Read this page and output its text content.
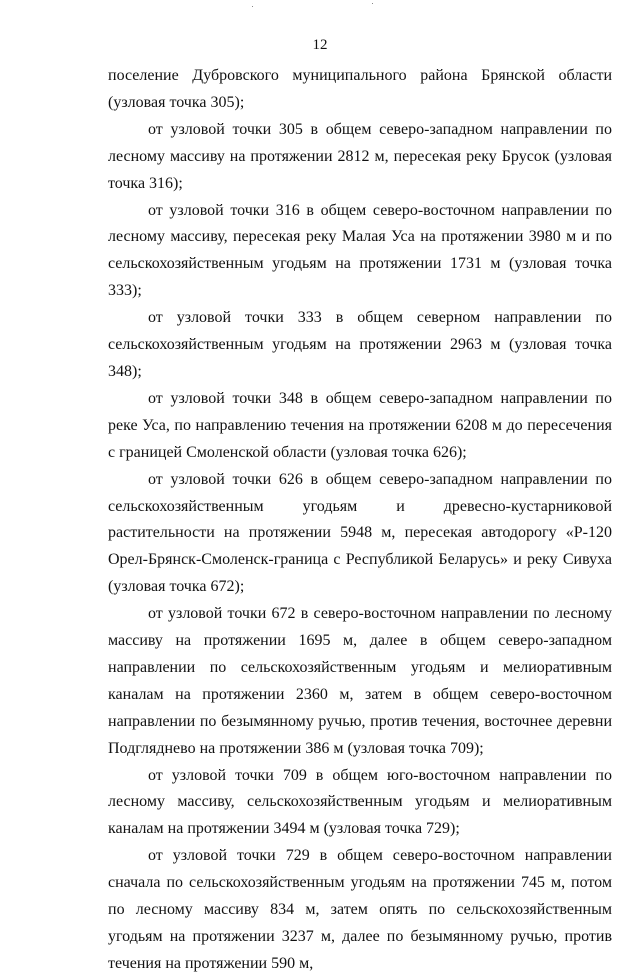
12

поселение Дубровского муниципального района Брянской области (узловая точка 305);

от узловой точки 305 в общем северо-западном направлении по лесному массиву на протяжении 2812 м, пересекая реку Брусок (узловая точка 316);

от узловой точки 316 в общем северо-восточном направлении по лесному массиву, пересекая реку Малая Уса на протяжении 3980 м и по сельскохозяйственным угодьям на протяжении 1731 м (узловая точка 333);

от узловой точки 333 в общем северном направлении по сельскохозяйственным угодьям на протяжении 2963 м (узловая точка 348);

от узловой точки 348 в общем северо-западном направлении по реке Уса, по направлению течения на протяжении 6208 м до пересечения с границей Смоленской области (узловая точка 626);

от узловой точки 626 в общем северо-западном направлении по сельскохозяйственным угодьям и древесно-кустарниковой растительности на протяжении 5948 м, пересекая автодорогу «Р-120 Орел-Брянск-Смоленск-граница с Республикой Беларусь» и реку Сивуха (узловая точка 672);

от узловой точки 672 в северо-восточном направлении по лесному массиву на протяжении 1695 м, далее в общем северо-западном направлении по сельскохозяйственным угодьям и мелиоративным каналам на протяжении 2360 м, затем в общем северо-восточном направлении по безымянному ручью, против течения, восточнее деревни Подгляднево на протяжении 386 м (узловая точка 709);

от узловой точки 709 в общем юго-восточном направлении по лесному массиву, сельскохозяйственным угодьям и мелиоративным каналам на протяжении 3494 м (узловая точка 729);

от узловой точки 729 в общем северо-восточном направлении сначала по сельскохозяйственным угодьям на протяжении 745 м, потом по лесному массиву 834 м, затем опять по сельскохозяйственным угодьям на протяжении 3237 м, далее по безымянному ручью, против течения на протяжении 590 м,
